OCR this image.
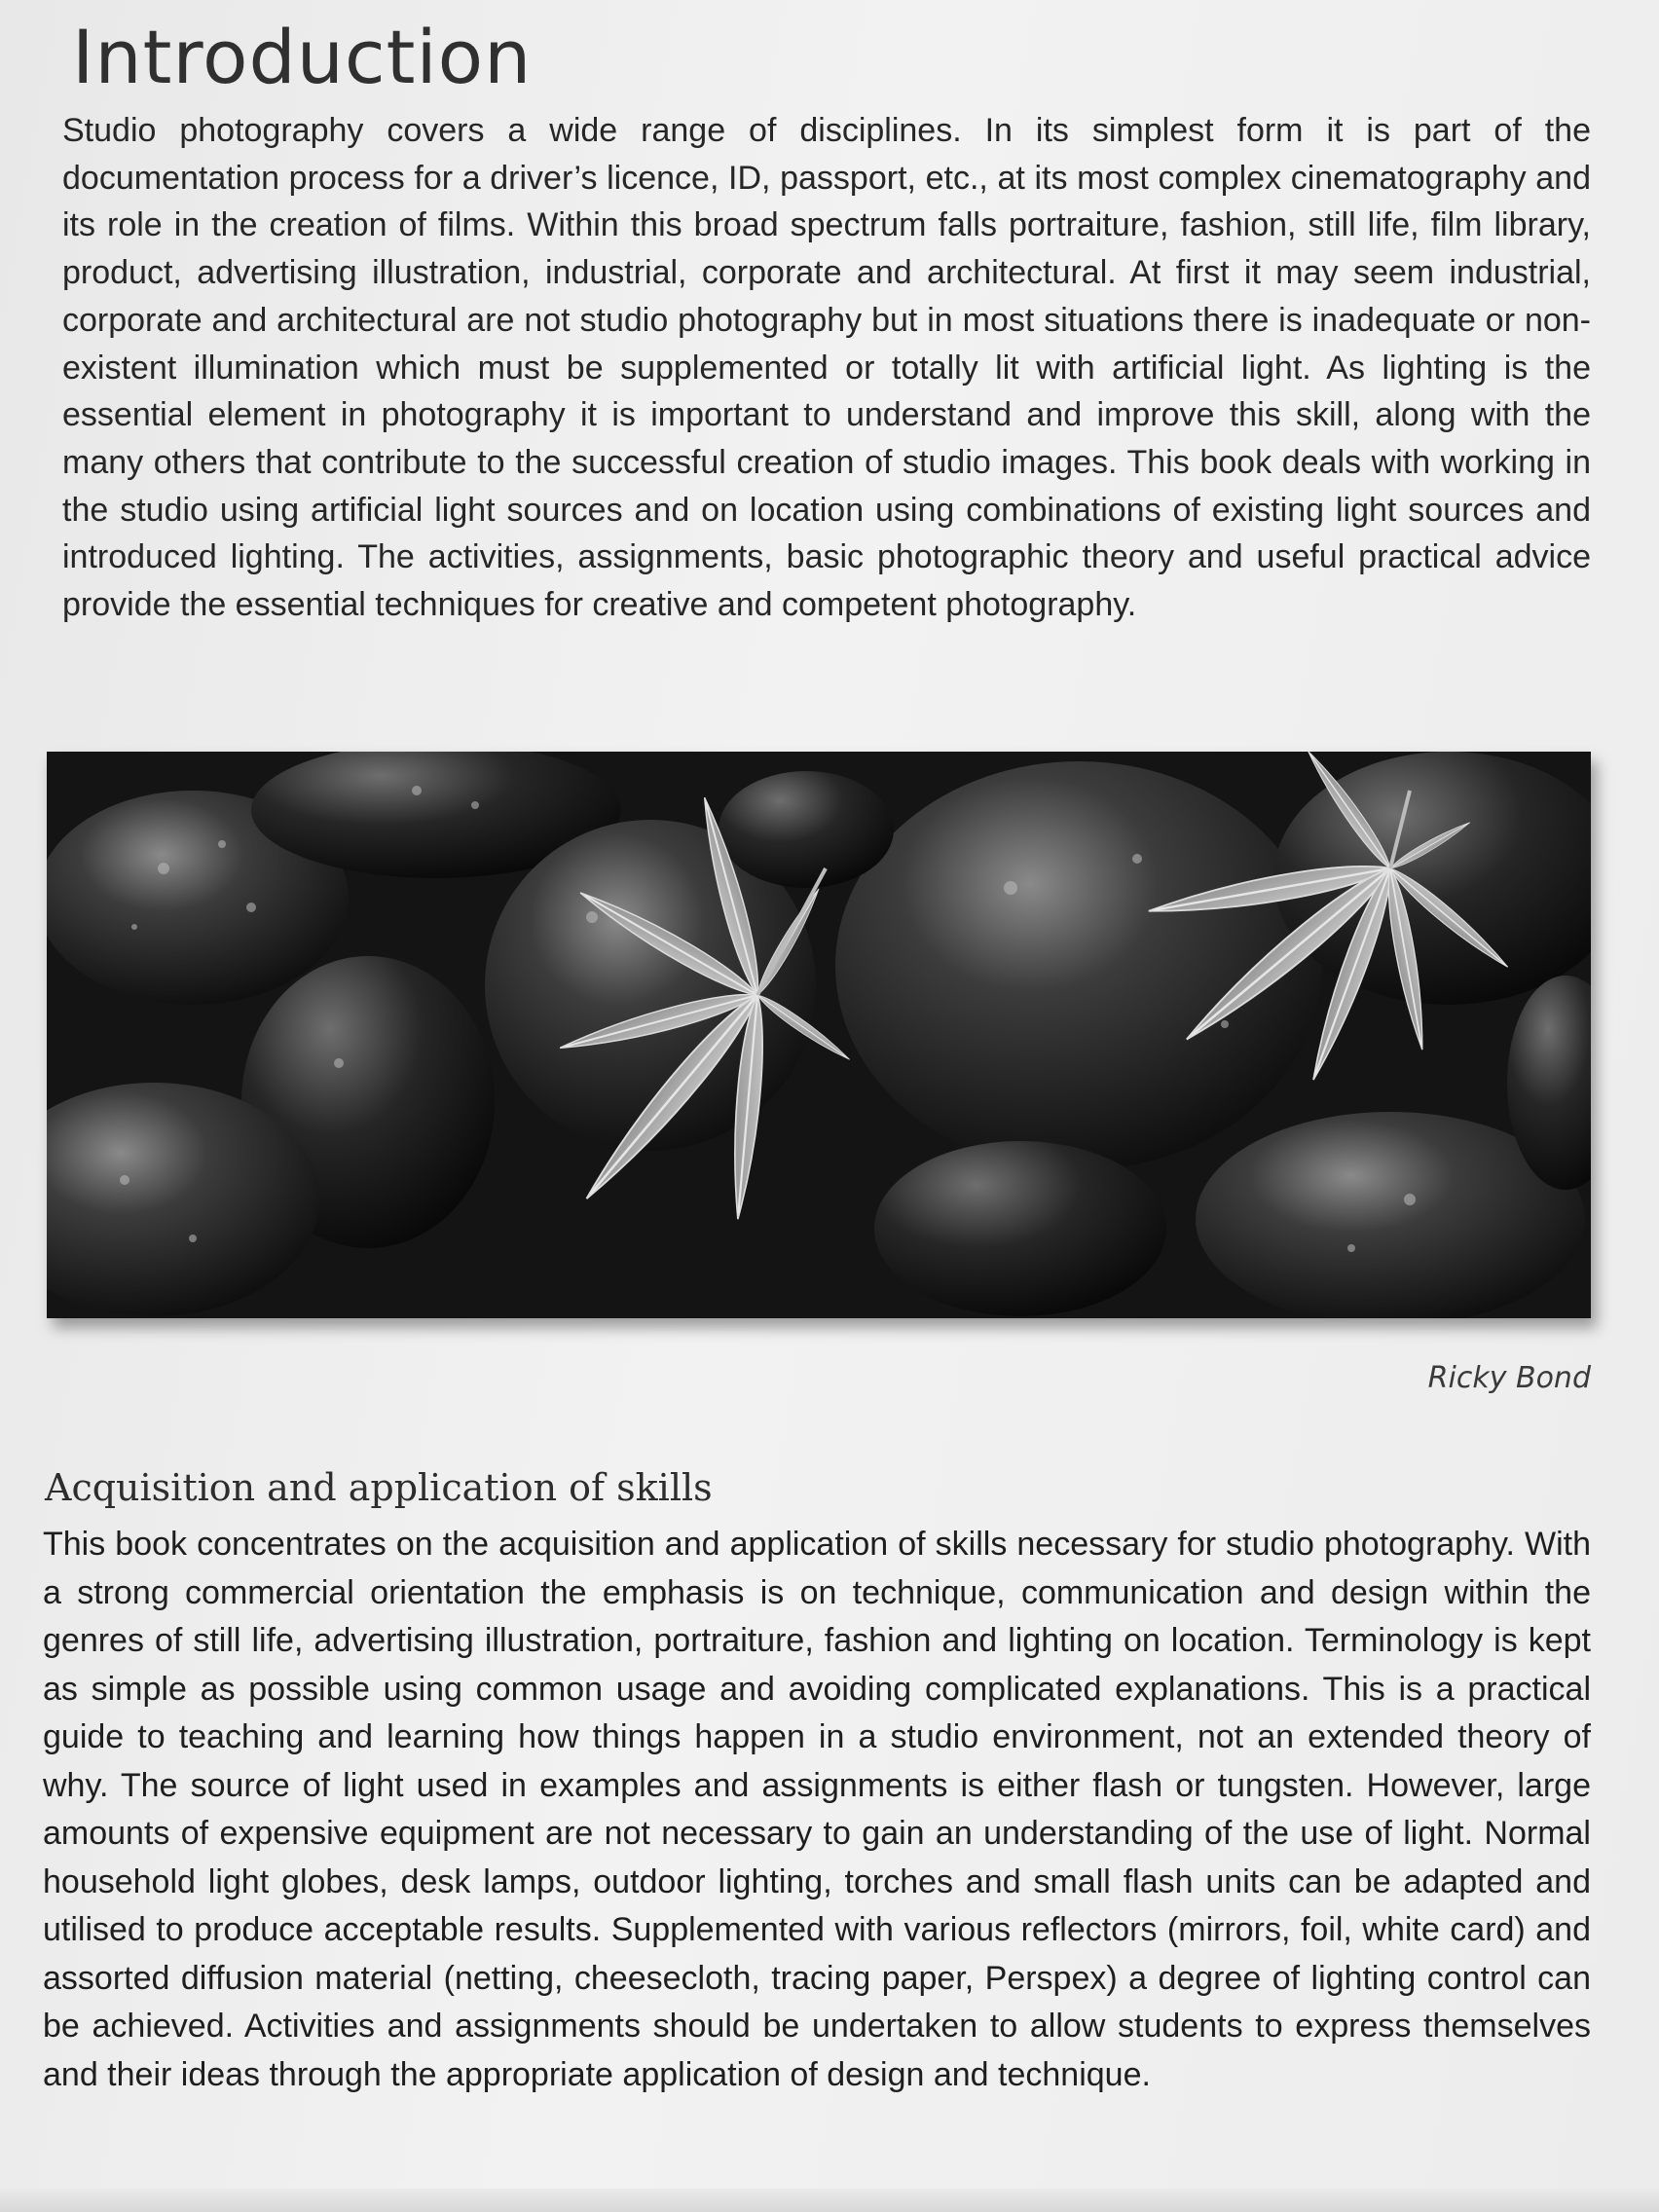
Introduction

Studio photography covers a wide range of disciplines. In its simplest form it is part of the documentation process for a driver’s licence, ID, passport, etc., at its most complex cinematography and its role in the creation of films. Within this broad spectrum falls portraiture, fashion, still life, film library, product, advertising illustration, industrial, corporate and architectural. At first it may seem industrial, corporate and architectural are not studio photography but in most situations there is inadequate or non-existent illumination which must be supplemented or totally lit with artificial light. As lighting is the essential element in photography it is important to understand and improve this skill, along with the many others that contribute to the successful creation of studio images. This book deals with working in the studio using artificial light sources and on location using combinations of existing light sources and introduced lighting. The activities, assignments, basic photographic theory and useful practical advice provide the essential techniques for creative and competent photography.

Ricky Bond

Acquisition and application of skills

This book concentrates on the acquisition and application of skills necessary for studio photography. With a strong commercial orientation the emphasis is on technique, communication and design within the genres of still life, advertising illustration, portraiture, fashion and lighting on location. Terminology is kept as simple as possible using common usage and avoiding complicated explanations. This is a practical guide to teaching and learning how things happen in a studio environment, not an extended theory of why. The source of light used in examples and assignments is either flash or tungsten. However, large amounts of expensive equipment are not necessary to gain an understanding of the use of light. Normal household light globes, desk lamps, outdoor lighting, torches and small flash units can be adapted and utilised to produce acceptable results. Supplemented with various reflectors (mirrors, foil, white card) and assorted diffusion material (netting, cheesecloth, tracing paper, Perspex) a degree of lighting control can be achieved. Activities and assignments should be undertaken to allow students to express themselves and their ideas through the appropriate application of design and technique.
